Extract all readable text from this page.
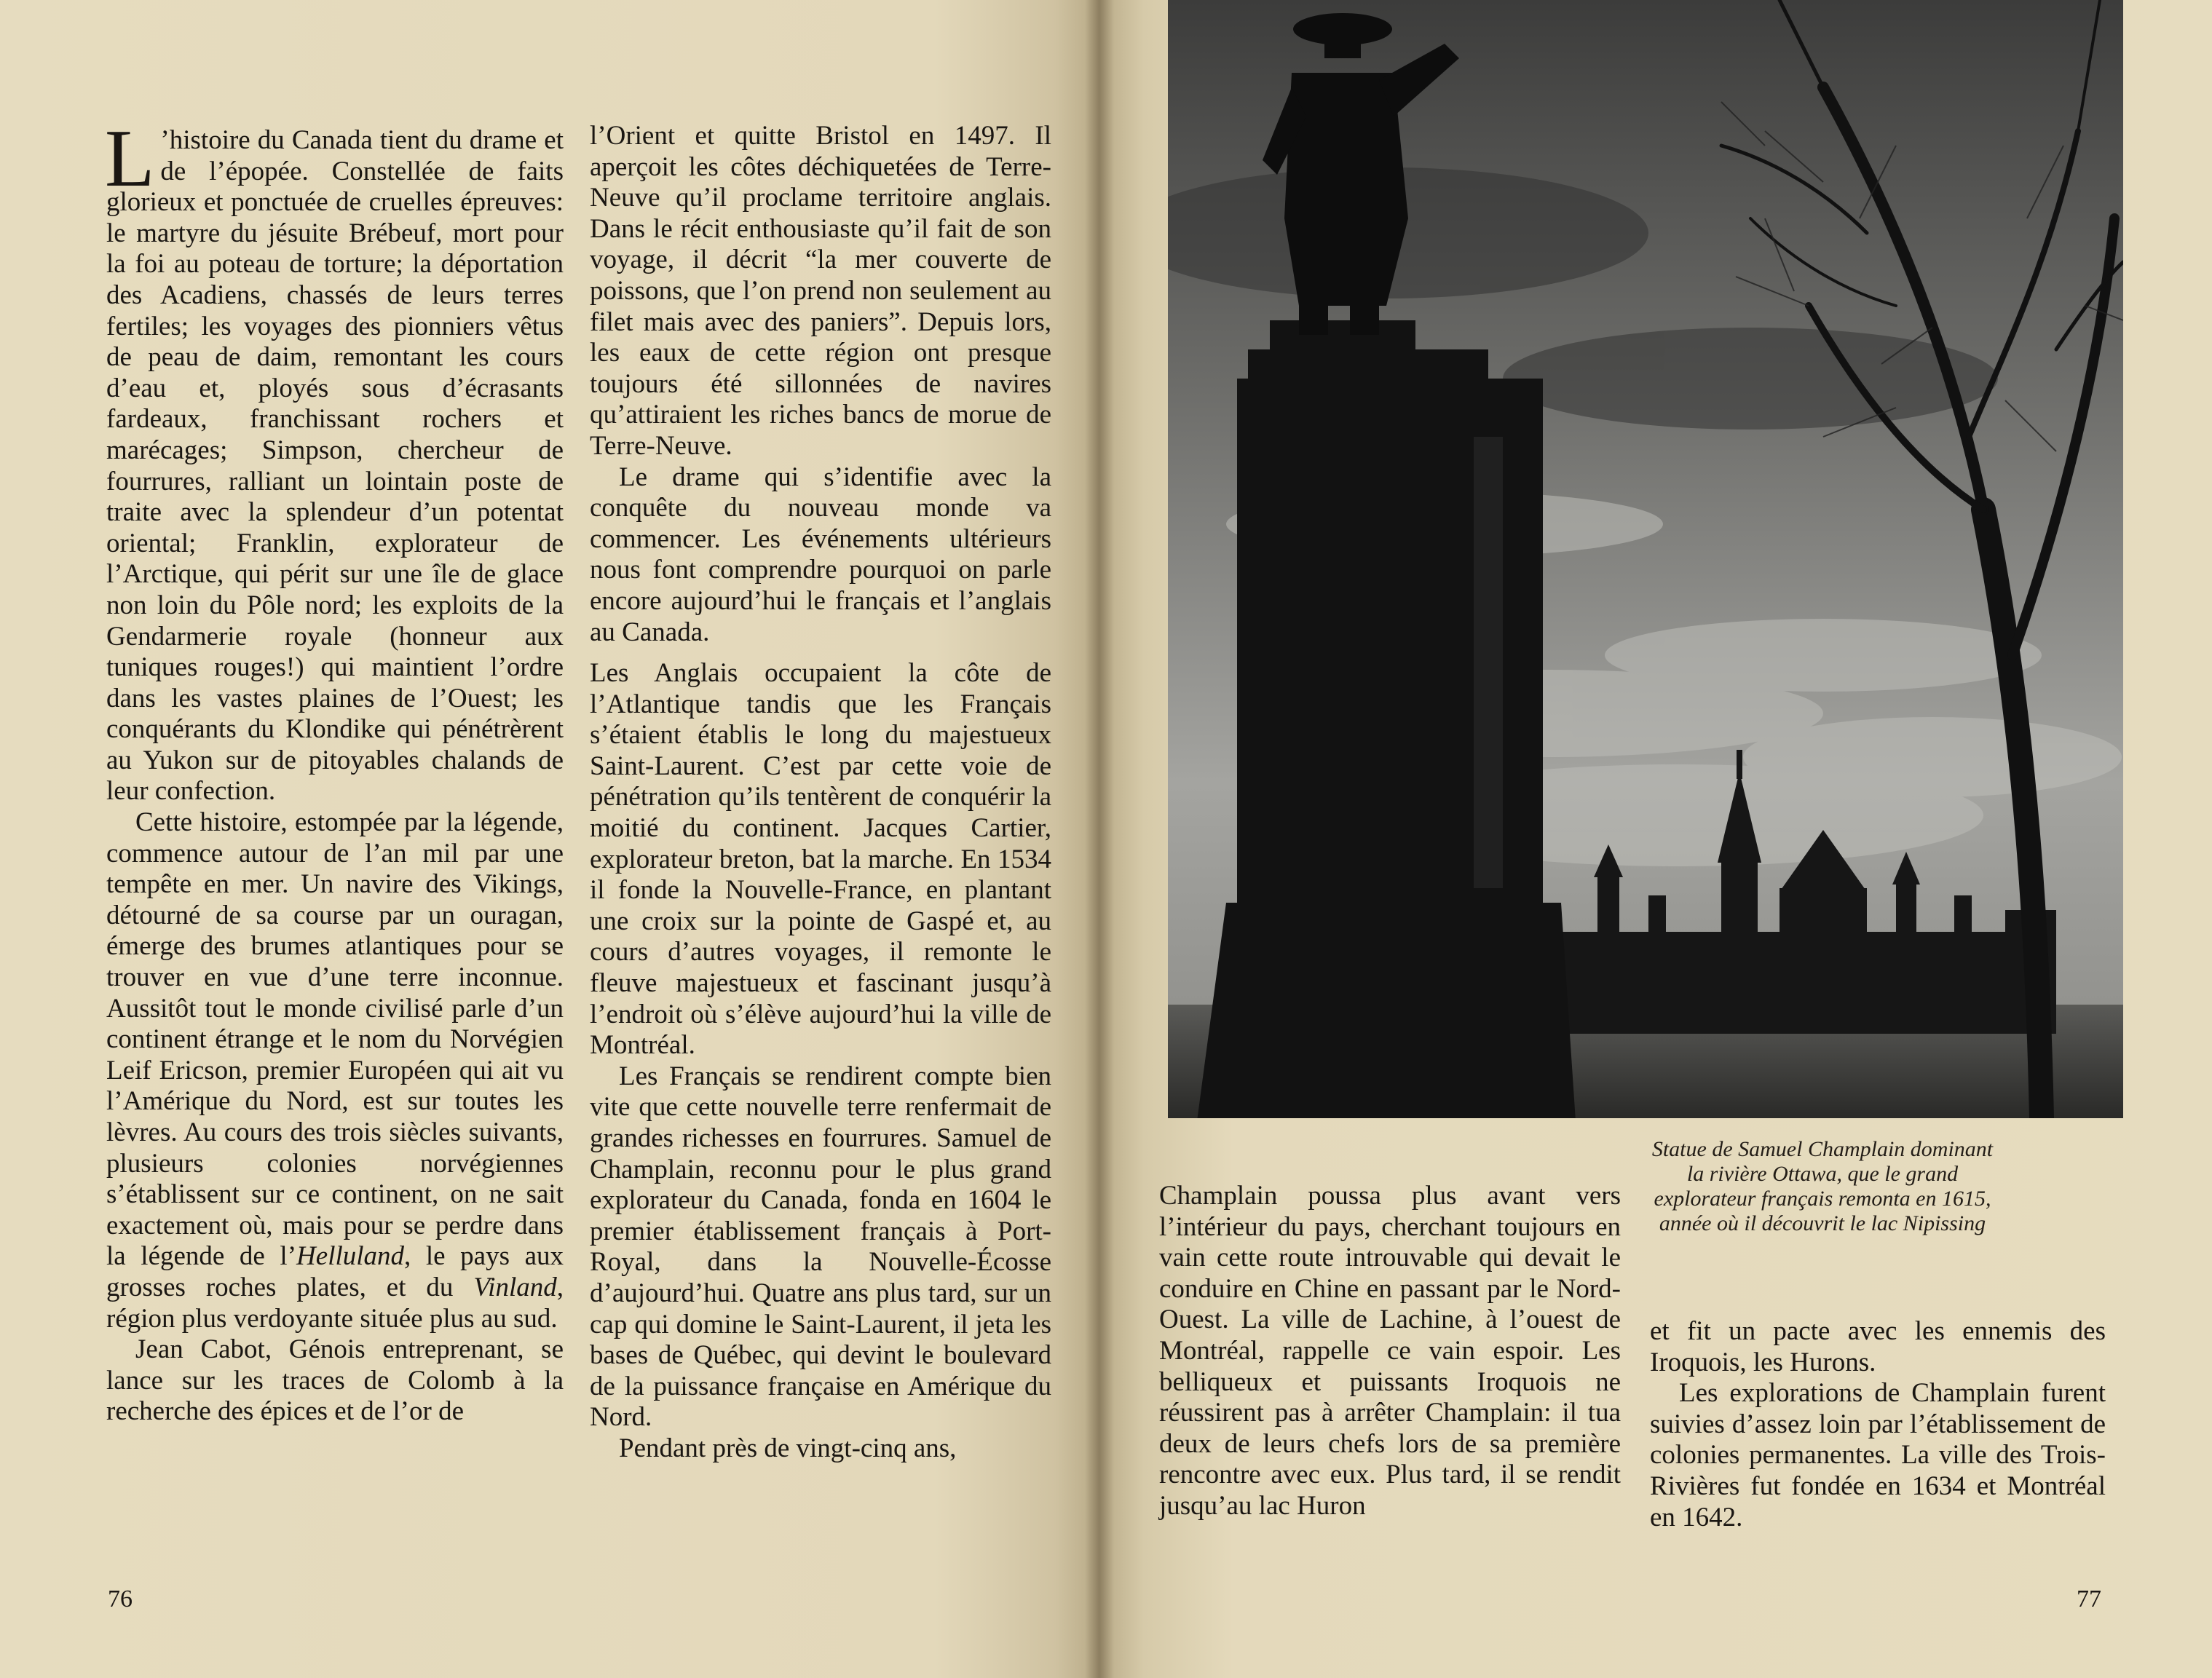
L ’histoire du Canada tient du drame et de l’épopée. Constellée de faits glorieux et ponctuée de cruelles épreuves: le martyre du jésuite Brébeuf, mort pour la foi au poteau de torture; la déportation des Acadiens, chassés de leurs terres fertiles; les voyages des pionniers vêtus de peau de daim, remontant les cours d’eau et, ployés sous d’écrasants fardeaux, franchissant rochers et marécages; Simpson, chercheur de fourrures, ralliant un lointain poste de traite avec la splendeur d’un potentat oriental; Franklin, explorateur de l’Arctique, qui périt sur une île de glace non loin du Pôle nord; les exploits de la Gendarmerie royale (honneur aux tuniques rouges!) qui maintient l’ordre dans les vastes plaines de l’Ouest; les conquérants du Klondike qui pénétrèrent au Yukon sur de pitoyables chalands de leur confection.

Cette histoire, estompée par la légende, commence autour de l’an mil par une tempête en mer. Un navire des Vikings, détourné de sa course par un ouragan, émerge des brumes atlantiques pour se trouver en vue d’une terre inconnue. Aussitôt tout le monde civilisé parle d’un continent étrange et le nom du Norvégien Leif Ericson, premier Européen qui ait vu l’Amérique du Nord, est sur toutes les lèvres. Au cours des trois siècles suivants, plusieurs colonies norvégiennes s’établissent sur ce continent, on ne sait exactement où, mais pour se perdre dans la légende de l’Helluland, le pays aux grosses roches plates, et du Vinland, région plus verdoyante située plus au sud.

Jean Cabot, Génois entreprenant, se lance sur les traces de Colomb à la recherche des épices et de l’or de

l’Orient et quitte Bristol en 1497. Il aperçoit les côtes déchiquetées de Terre-Neuve qu’il proclame territoire anglais. Dans le récit enthousiaste qu’il fait de son voyage, il décrit “la mer couverte de poissons, que l’on prend non seulement au filet mais avec des paniers”. Depuis lors, les eaux de cette région ont presque toujours été sillonnées de navires qu’attiraient les riches bancs de morue de Terre-Neuve.

Le drame qui s’identifie avec la conquête du nouveau monde va commencer. Les événements ultérieurs nous font comprendre pourquoi on parle encore aujourd’hui le français et l’anglais au Canada.

Les Anglais occupaient la côte de l’Atlantique tandis que les Français s’étaient établis le long du majestueux Saint-Laurent. C’est par cette voie de pénétration qu’ils tentèrent de conquérir la moitié du continent. Jacques Cartier, explorateur breton, bat la marche. En 1534 il fonde la Nouvelle-France, en plantant une croix sur la pointe de Gaspé et, au cours d’autres voyages, il remonte le fleuve majestueux et fascinant jusqu’à l’endroit où s’élève aujourd’hui la ville de Montréal.

Les Français se rendirent compte bien vite que cette nouvelle terre renfermait de grandes richesses en fourrures. Samuel de Champlain, reconnu pour le plus grand explorateur du Canada, fonda en 1604 le premier établissement français à Port-Royal, dans la Nouvelle-Écosse d’aujourd’hui. Quatre ans plus tard, sur un cap qui domine le Saint-Laurent, il jeta les bases de Québec, qui devint le boulevard de la puissance française en Amérique du Nord.

Pendant près de vingt-cinq ans,

76
Statue de Samuel Champlain dominant la rivière Ottawa, que le grand explorateur français remonta en 1615, année où il découvrit le lac Nipissing

Champlain poussa plus avant vers l’intérieur du pays, cherchant toujours en vain cette route introuvable qui devait le conduire en Chine en passant par le Nord-Ouest. La ville de Lachine, à l’ouest de Montréal, rappelle ce vain espoir. Les belliqueux et puissants Iroquois ne réussirent pas à arrêter Champlain: il tua deux de leurs chefs lors de sa première rencontre avec eux. Plus tard, il se rendit jusqu’au lac Huron

et fit un pacte avec les ennemis des Iroquois, les Hurons.

Les explorations de Champlain furent suivies d’assez loin par l’établissement de colonies permanentes. La ville des Trois-Rivières fut fondée en 1634 et Montréal en 1642.

77
